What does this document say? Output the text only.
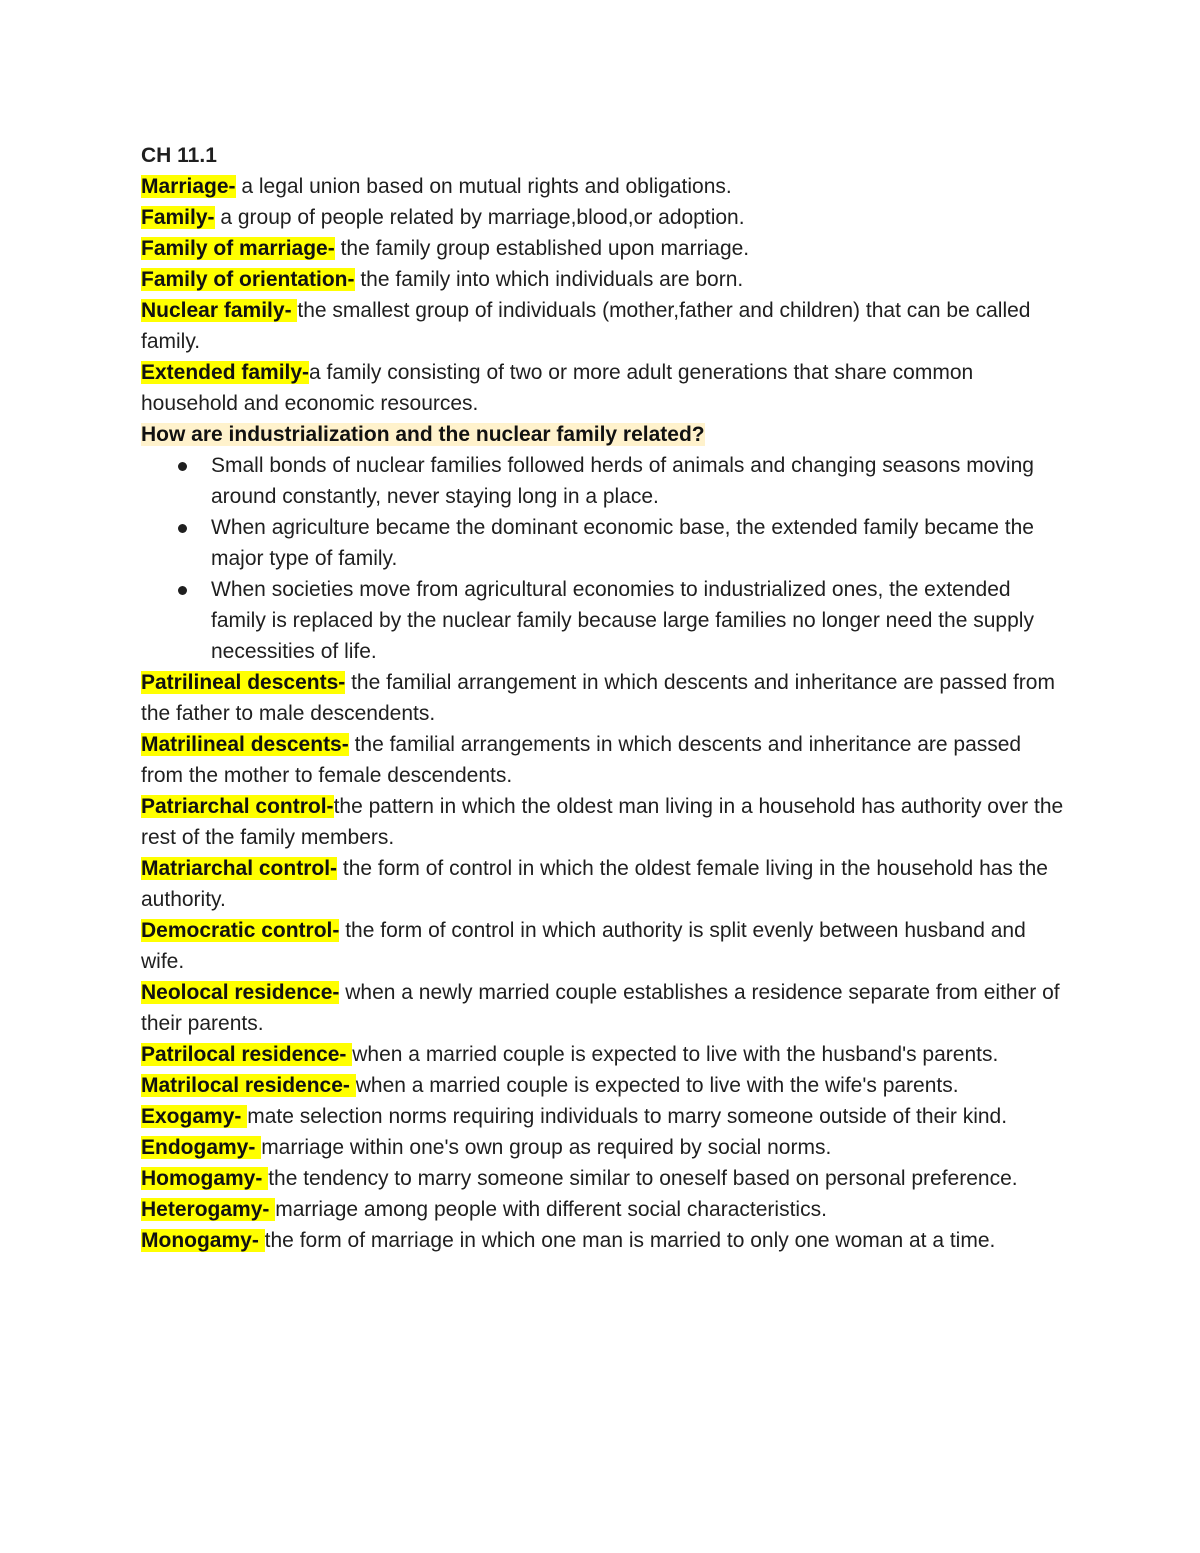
CH 11.1

Marriage- a legal union based on mutual rights and obligations.

Family- a group of people related by marriage,blood,or adoption.

Family of marriage- the family group established upon marriage.

Family of orientation- the family into which individuals are born.

Nuclear family- the smallest group of individuals (mother,father and children) that can be called family.

Extended family-a family consisting of two or more adult generations that share common household and economic resources.

How are industrialization and the nuclear family related?

Small bonds of nuclear families followed herds of animals and changing seasons moving around constantly, never staying long in a place.
When agriculture became the dominant economic base, the extended family became the major type of family.
When societies move from agricultural economies to industrialized ones, the extended family is replaced by the nuclear family because large families no longer need the supply necessities of life.

Patrilineal descents- the familial arrangement in which descents and inheritance are passed from the father to male descendents.

Matrilineal descents- the familial arrangements in which descents and inheritance are passed from the mother to female descendents.

Patriarchal control-the pattern in which the oldest man living in a household has authority over the rest of the family members.

Matriarchal control- the form of control in which the oldest female living in the household has the authority.

Democratic control- the form of control in which authority is split evenly between husband and wife.

Neolocal residence- when a newly married couple establishes a residence separate from either of their parents.

Patrilocal residence- when a married couple is expected to live with the husband's parents.

Matrilocal residence- when a married couple is expected to live with the wife's parents.

Exogamy- mate selection norms requiring individuals to marry someone outside of their kind.

Endogamy- marriage within one's own group as required by social norms.

Homogamy- the tendency to marry someone similar to oneself based on personal preference.

Heterogamy- marriage among people with different social characteristics.

Monogamy- the form of marriage in which one man is married to only one woman at a time.
